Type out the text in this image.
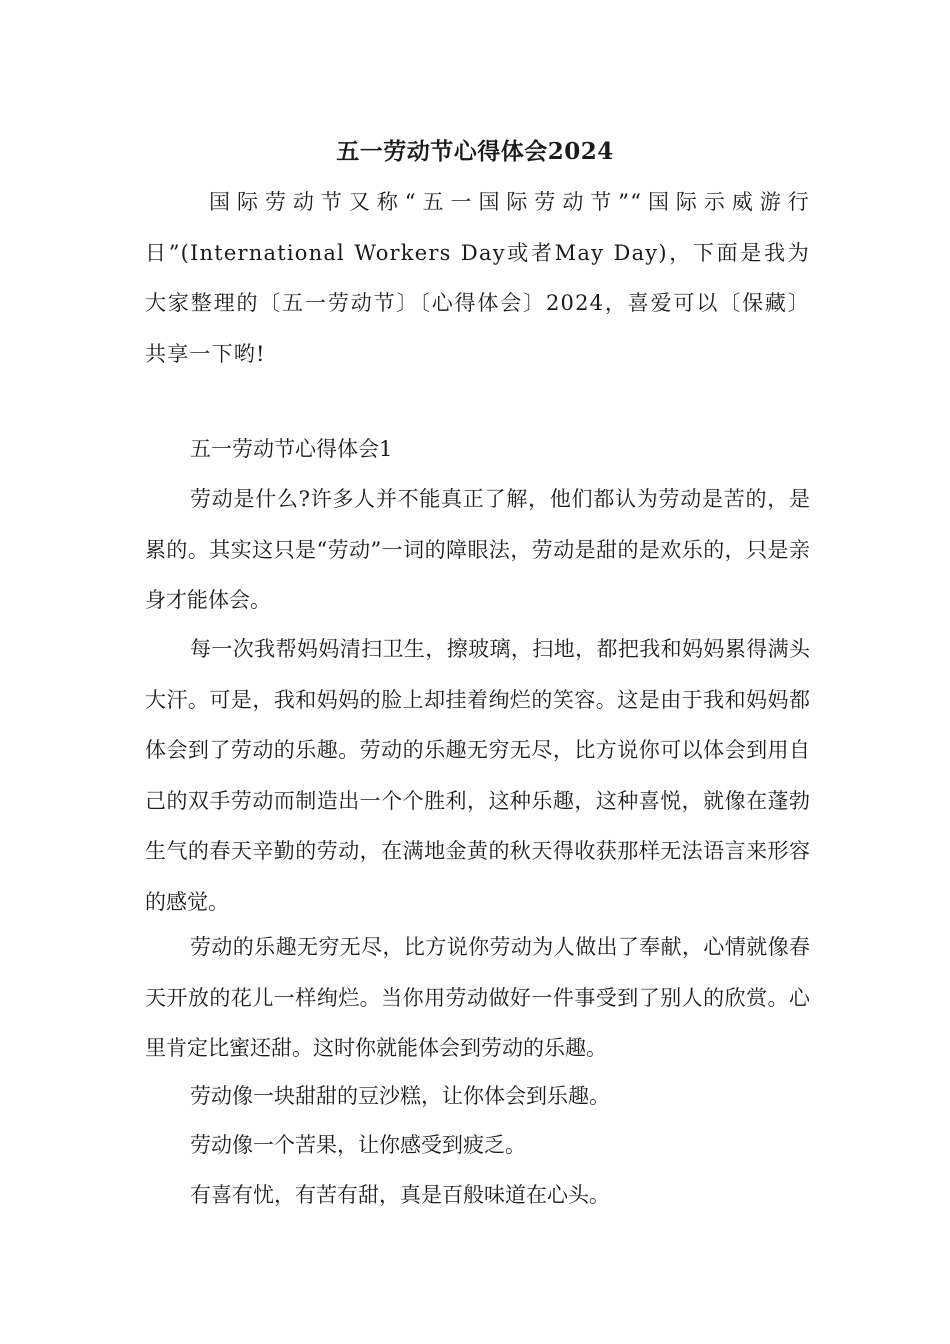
五一劳动节心得体会2024

国际劳动节又称“五一国际劳动节”“国际示威游行日”(International Workers Day或者May Day)，下面是我为大家整理的〔五一劳动节〕〔心得体会〕2024，喜爱可以〔保藏〕共享一下哟!

五一劳动节心得体会1

劳动是什么?许多人并不能真正了解，他们都认为劳动是苦的，是累的。其实这只是“劳动”一词的障眼法，劳动是甜的是欢乐的，只是亲身才能体会。

每一次我帮妈妈清扫卫生，擦玻璃，扫地，都把我和妈妈累得满头大汗。可是，我和妈妈的脸上却挂着绚烂的笑容。这是由于我和妈妈都体会到了劳动的乐趣。劳动的乐趣无穷无尽，比方说你可以体会到用自己的双手劳动而制造出一个个胜利，这种乐趣，这种喜悦，就像在蓬勃生气的春天辛勤的劳动，在满地金黄的秋天得收获那样无法语言来形容的感觉。

劳动的乐趣无穷无尽，比方说你劳动为人做出了奉献，心情就像春天开放的花儿一样绚烂。当你用劳动做好一件事受到了别人的欣赏。心里肯定比蜜还甜。这时你就能体会到劳动的乐趣。

劳动像一块甜甜的豆沙糕，让你体会到乐趣。
劳动像一个苦果，让你感受到疲乏。
有喜有忧，有苦有甜，真是百般味道在心头。
